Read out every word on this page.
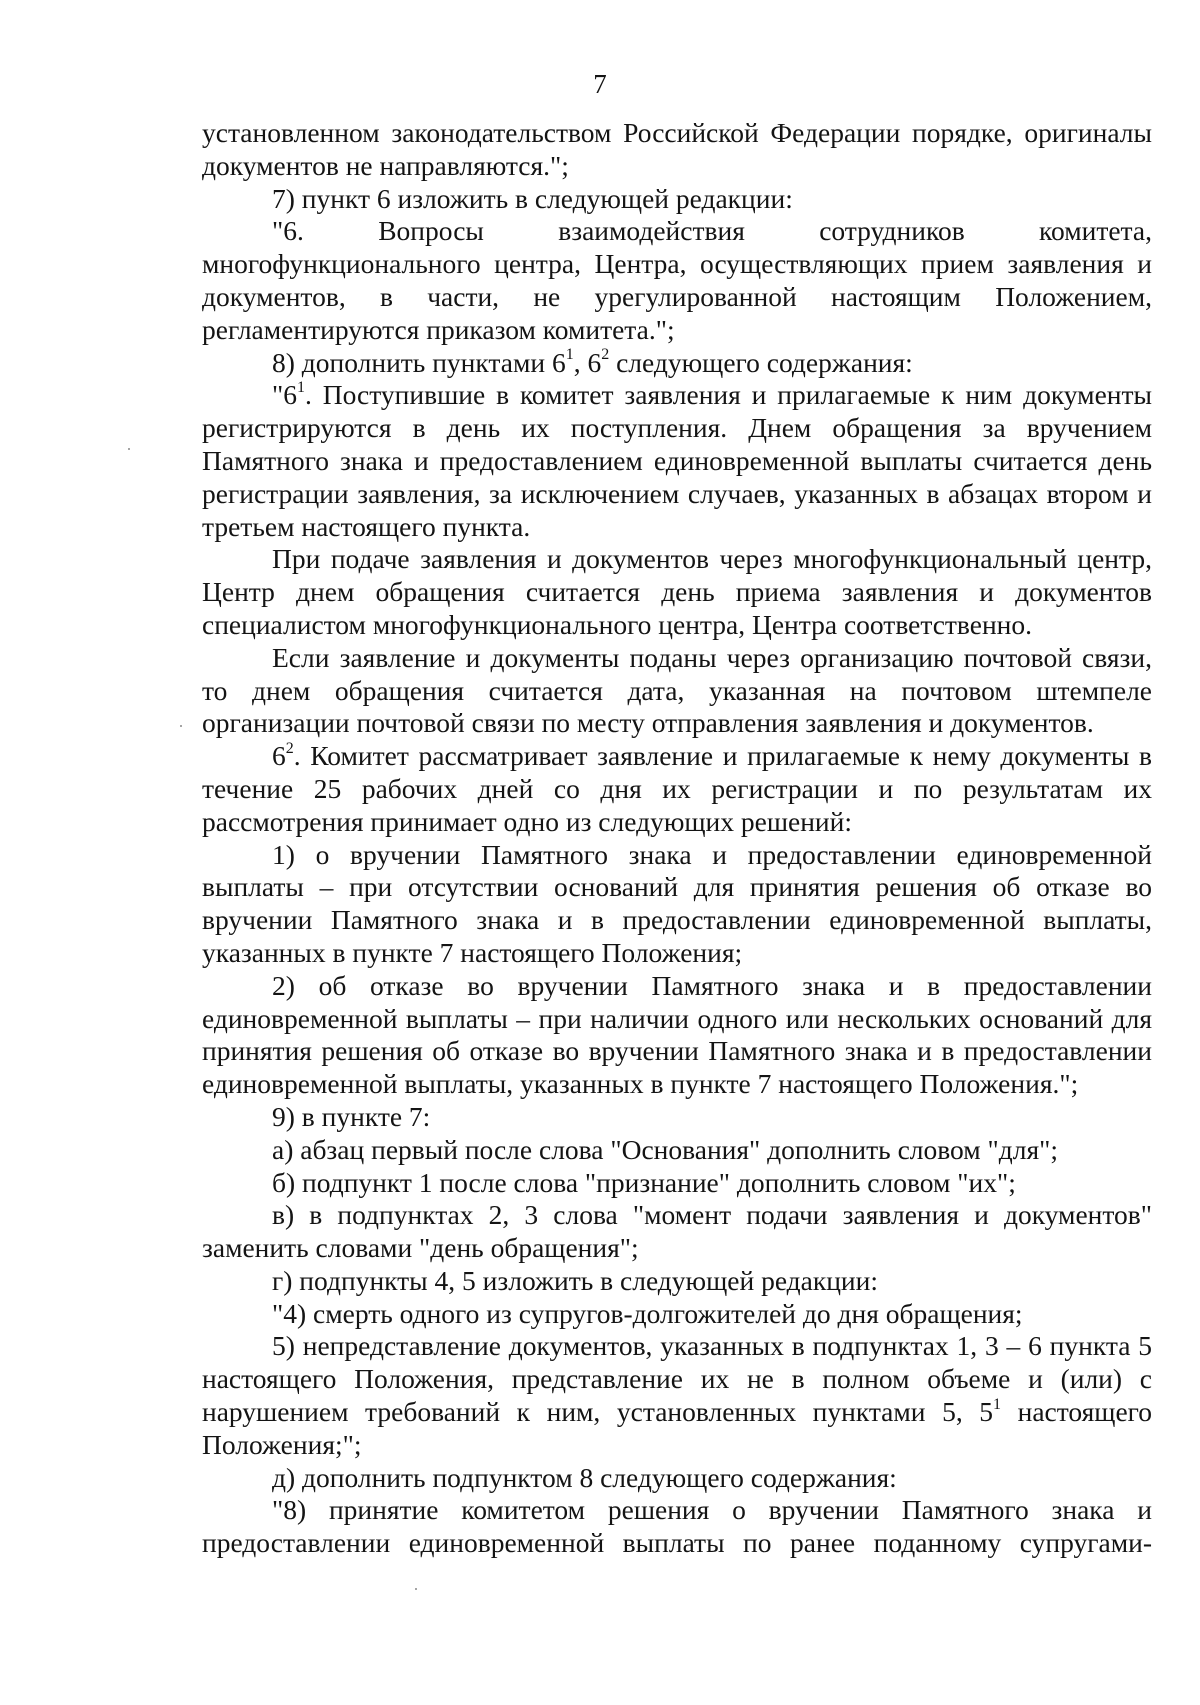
7

установленном законодательством Российской Федерации порядке, оригиналы документов не направляются.";

7) пункт 6 изложить в следующей редакции:

"6. Вопросы взаимодействия сотрудников комитета, многофункционального центра, Центра, осуществляющих прием заявления и документов, в части, не урегулированной настоящим Положением, регламентируются приказом комитета.";

8) дополнить пунктами $6^1$, $6^2$ следующего содержания:

"$6^1$. Поступившие в комитет заявления и прилагаемые к ним документы регистрируются в день их поступления. Днем обращения за вручением Памятного знака и предоставлением единовременной выплаты считается день регистрации заявления, за исключением случаев, указанных в абзацах втором и третьем настоящего пункта.

При подаче заявления и документов через многофункциональный центр, Центр днем обращения считается день приема заявления и документов специалистом многофункционального центра, Центра соответственно.

Если заявление и документы поданы через организацию почтовой связи, то днем обращения считается дата, указанная на почтовом штемпеле организации почтовой связи по месту отправления заявления и документов.

$6^2$. Комитет рассматривает заявление и прилагаемые к нему документы в течение 25 рабочих дней со дня их регистрации и по результатам их рассмотрения принимает одно из следующих решений:

1) о вручении Памятного знака и предоставлении единовременной выплаты – при отсутствии оснований для принятия решения об отказе во вручении Памятного знака и в предоставлении единовременной выплаты, указанных в пункте 7 настоящего Положения;

2) об отказе во вручении Памятного знака и в предоставлении единовременной выплаты – при наличии одного или нескольких оснований для принятия решения об отказе во вручении Памятного знака и в предоставлении единовременной выплаты, указанных в пункте 7 настоящего Положения.";

9) в пункте 7:

а) абзац первый после слова "Основания" дополнить словом "для";

б) подпункт 1 после слова "признание" дополнить словом "их";

в) в подпунктах 2, 3 слова "момент подачи заявления и документов" заменить словами "день обращения";

г) подпункты 4, 5 изложить в следующей редакции:

"4) смерть одного из супругов-долгожителей до дня обращения;

5) непредставление документов, указанных в подпунктах 1, 3 – 6 пункта 5 настоящего Положения, представление их не в полном объеме и (или) с нарушением требований к ним, установленных пунктами 5, $5^1$ настоящего Положения;";

д) дополнить подпунктом 8 следующего содержания:

"8) принятие комитетом решения о вручении Памятного знака и предоставлении единовременной выплаты по ранее поданному супругами-
